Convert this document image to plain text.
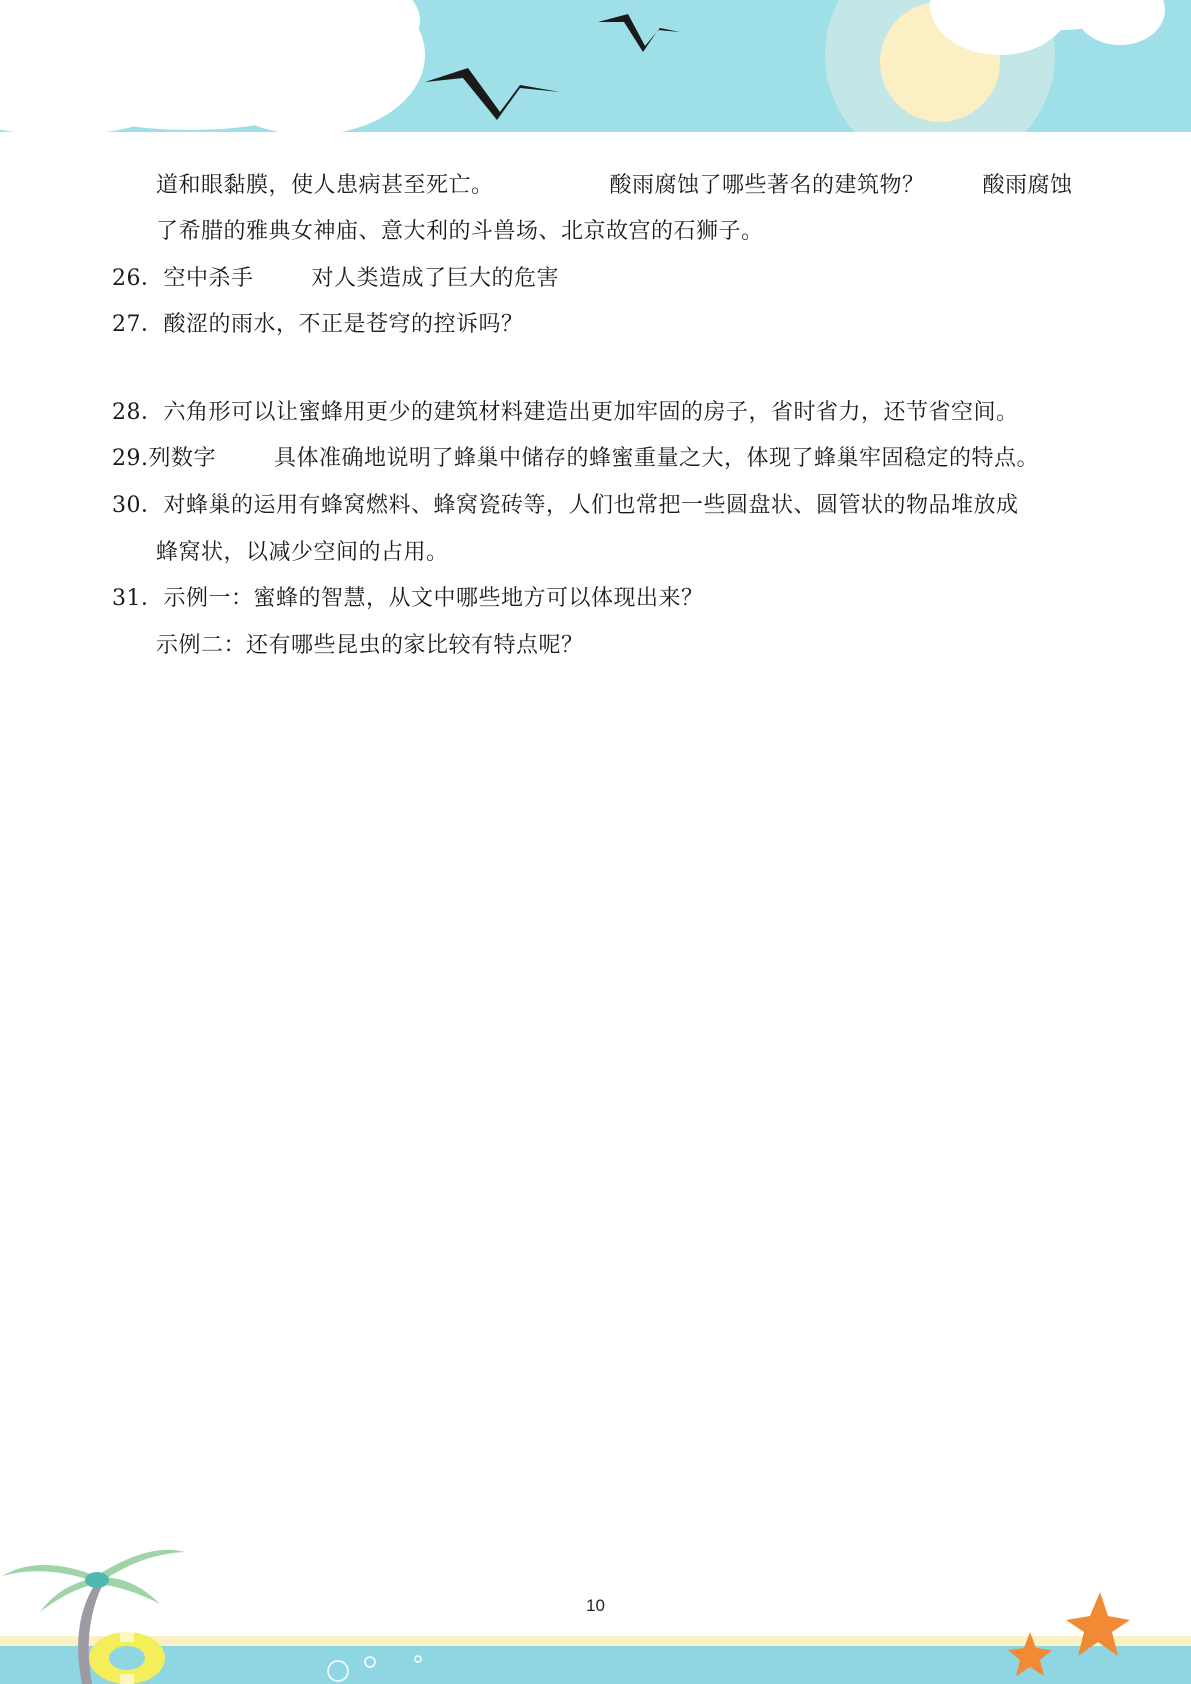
道和眼黏膜，使人患病甚至死亡。	酸雨腐蚀了哪些著名的建筑物？	酸雨腐蚀
了希腊的雅典女神庙、意大利的斗兽场、北京故宫的石狮子。
26．空中杀手	对人类造成了巨大的危害
27．酸涩的雨水，不正是苍穹的控诉吗？
28．六角形可以让蜜蜂用更少的建筑材料建造出更加牢固的房子，省时省力，还节省空间。
29.列数字	具体准确地说明了蜂巢中储存的蜂蜜重量之大，体现了蜂巢牢固稳定的特点。
30．对蜂巢的运用有蜂窝燃料、蜂窝瓷砖等，人们也常把一些圆盘状、圆管状的物品堆放成
蜂窝状，以减少空间的占用。
31．示例一：蜜蜂的智慧，从文中哪些地方可以体现出来？
示例二：还有哪些昆虫的家比较有特点呢？
10
